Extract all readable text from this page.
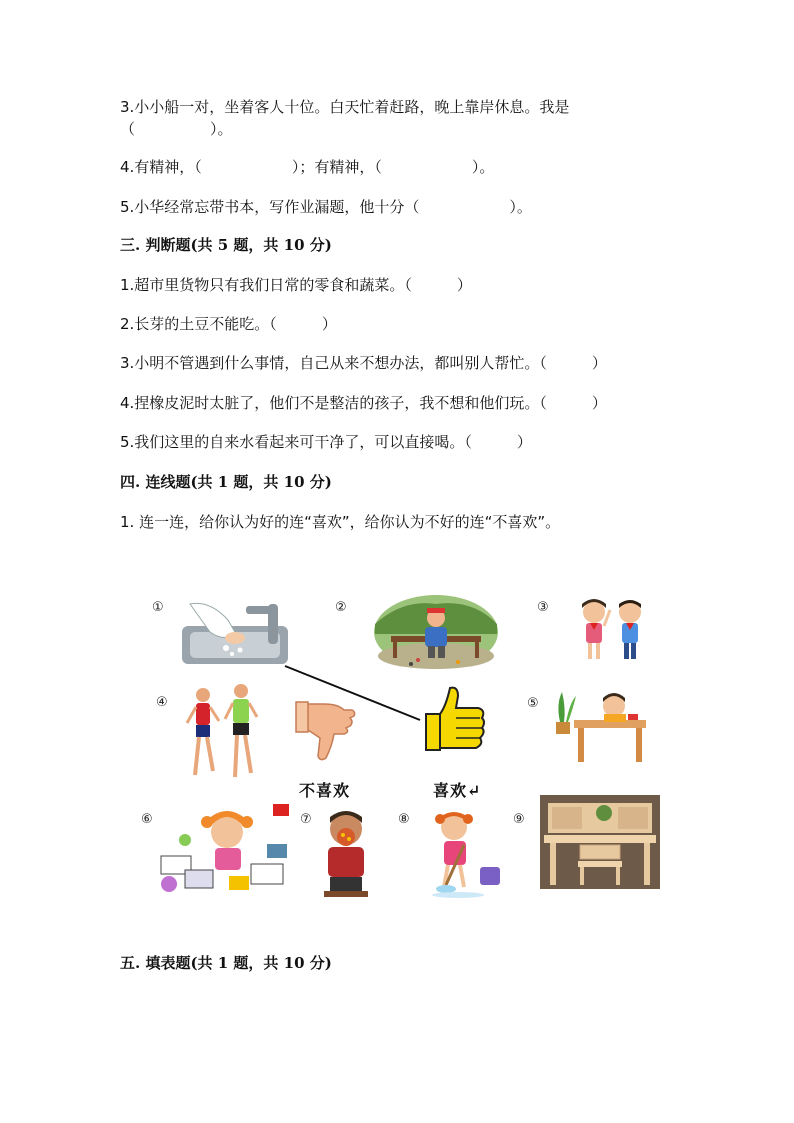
3.小小船一对，坐着客人十位。白天忙着赶路，晚上靠岸休息。我是
（　　　　　）。
4.有精神，（　　　　　　）；有精神，（　　　　　　）。
5.小华经常忘带书本，写作业漏题，他十分（　　　　　　）。
三. 判断题(共 5 题，共 10 分)
1.超市里货物只有我们日常的零食和蔬菜。（　　　）
2.长芽的土豆不能吃。（　　　）
3.小明不管遇到什么事情，自己从来不想办法，都叫别人帮忙。（　　　）
4.捏橡皮泥时太脏了，他们不是整洁的孩子，我不想和他们玩。（　　　）
5.我们这里的自来水看起来可干净了，可以直接喝。（　　　）
四. 连线题(共 1 题，共 10 分)
1. 连一连，给你认为好的连“喜欢”，给你认为不好的连“不喜欢”。
①	②	③
④	⑤
⑥	⑦	⑧	⑨
不喜欢	喜欢↵
五. 填表题(共 1 题，共 10 分)
